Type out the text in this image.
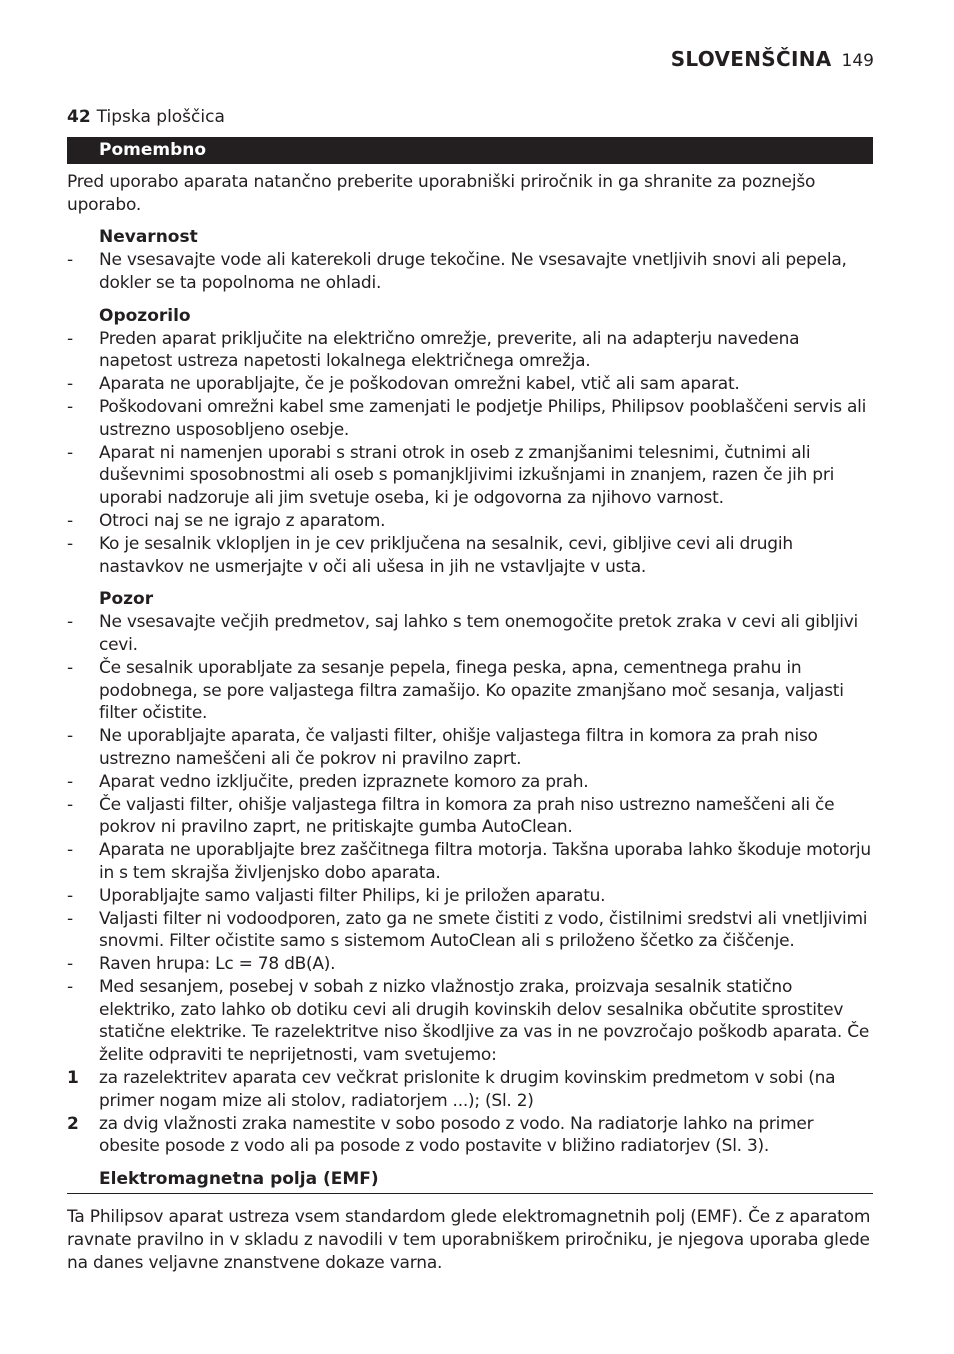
SLOVENŠČINA 149
42 Tipska ploščica
Pomembno
Pred uporabo aparata natančno preberite uporabniški priročnik in ga shranite za poznejšo uporabo.
Nevarnost
- Ne vsesavajte vode ali katerekoli druge tekočine. Ne vsesavajte vnetljivih snovi ali pepela, dokler se ta popolnoma ne ohladi.
Opozorilo
- Preden aparat priključite na električno omrežje, preverite, ali na adapterju navedena napetost ustreza napetosti lokalnega električnega omrežja.
- Aparata ne uporabljajte, če je poškodovan omrežni kabel, vtič ali sam aparat.
- Poškodovani omrežni kabel sme zamenjati le podjetje Philips, Philipsov pooblaščeni servis ali ustrezno usposobljeno osebje.
- Aparat ni namenjen uporabi s strani otrok in oseb z zmanjšanimi telesnimi, čutnimi ali duševnimi sposobnostmi ali oseb s pomanjkljivimi izkušnjami in znanjem, razen če jih pri uporabi nadzoruje ali jim svetuje oseba, ki je odgovorna za njihovo varnost.
- Otroci naj se ne igrajo z aparatom.
- Ko je sesalnik vklopljen in je cev priključena na sesalnik, cevi, gibljive cevi ali drugih nastavkov ne usmerjajte v oči ali ušesa in jih ne vstavljajte v usta.
Pozor
- Ne vsesavajte večjih predmetov, saj lahko s tem onemogočite pretok zraka v cevi ali gibljivi cevi.
- Če sesalnik uporabljate za sesanje pepela, finega peska, apna, cementnega prahu in podobnega, se pore valjastega filtra zamašijo. Ko opazite zmanjšano moč sesanja, valjasti filter očistite.
- Ne uporabljajte aparata, če valjasti filter, ohišje valjastega filtra in komora za prah niso ustrezno nameščeni ali če pokrov ni pravilno zaprt.
- Aparat vedno izključite, preden izpraznete komoro za prah.
- Če valjasti filter, ohišje valjastega filtra in komora za prah niso ustrezno nameščeni ali če pokrov ni pravilno zaprt, ne pritiskajte gumba AutoClean.
- Aparata ne uporabljajte brez zaščitnega filtra motorja. Takšna uporaba lahko škoduje motorju in s tem skrajša življenjsko dobo aparata.
- Uporabljajte samo valjasti filter Philips, ki je priložen aparatu.
- Valjasti filter ni vodoodporen, zato ga ne smete čistiti z vodo, čistilnimi sredstvi ali vnetljivimi snovmi. Filter očistite samo s sistemom AutoClean ali s priloženo ščetko za čiščenje.
- Raven hrupa: Lc = 78 dB(A).
- Med sesanjem, posebej v sobah z nizko vlažnostjo zraka, proizvaja sesalnik statično elektriko, zato lahko ob dotiku cevi ali drugih kovinskih delov sesalnika občutite sprostitev statične elektrike. Te razelektritve niso škodljive za vas in ne povzročajo poškodb aparata. Če želite odpraviti te neprijetnosti, vam svetujemo:
1 za razelektritev aparata cev večkrat prislonite k drugim kovinskim predmetom v sobi (na primer nogam mize ali stolov, radiatorjem ...); (Sl. 2)
2 za dvig vlažnosti zraka namestite v sobo posodo z vodo. Na radiatorje lahko na primer obesite posode z vodo ali pa posode z vodo postavite v bližino radiatorjev (Sl. 3).
Elektromagnetna polja (EMF)
Ta Philipsov aparat ustreza vsem standardom glede elektromagnetnih polj (EMF). Če z aparatom ravnate pravilno in v skladu z navodili v tem uporabniškem priročniku, je njegova uporaba glede na danes veljavne znanstvene dokaze varna.
